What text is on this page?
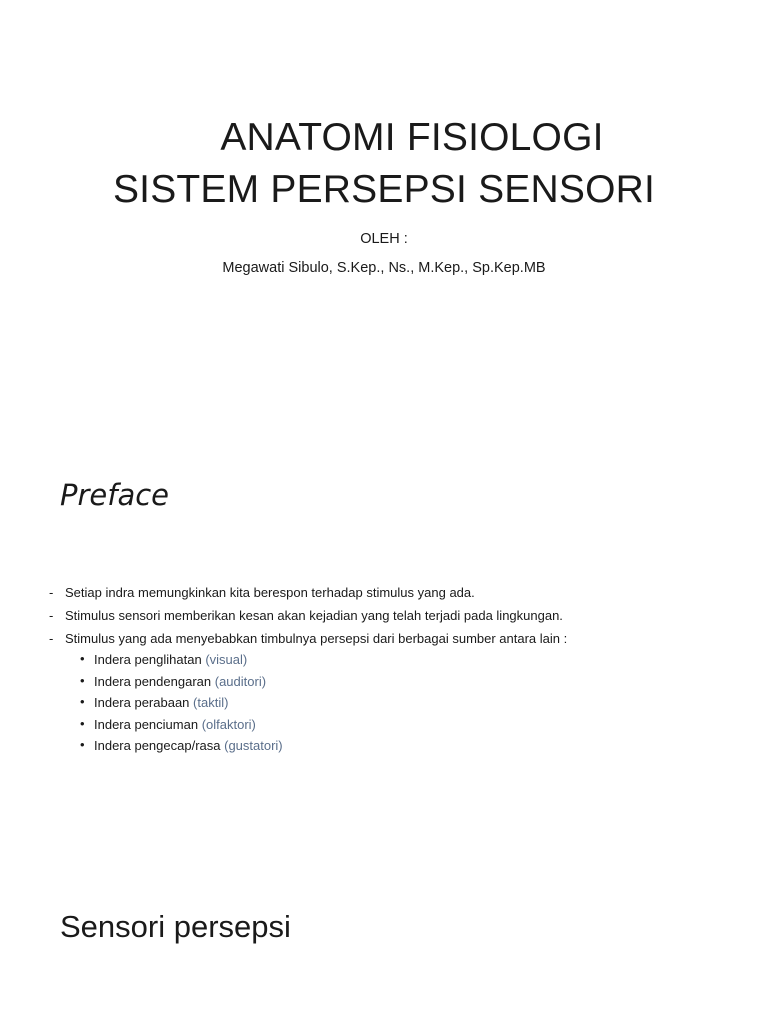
ANATOMI FISIOLOGI
SISTEM PERSEPSI SENSORI
OLEH :
Megawati Sibulo, S.Kep., Ns., M.Kep., Sp.Kep.MB
Preface
- Setiap indra memungkinkan kita berespon terhadap stimulus yang ada.
- Stimulus sensori memberikan kesan akan kejadian yang telah terjadi pada lingkungan.
- Stimulus yang ada menyebabkan timbulnya persepsi dari berbagai sumber antara lain :
• Indera penglihatan (visual)
• Indera pendengaran (auditori)
• Indera perabaan (taktil)
• Indera penciuman (olfaktori)
• Indera pengecap/rasa (gustatori)
Sensori persepsi
